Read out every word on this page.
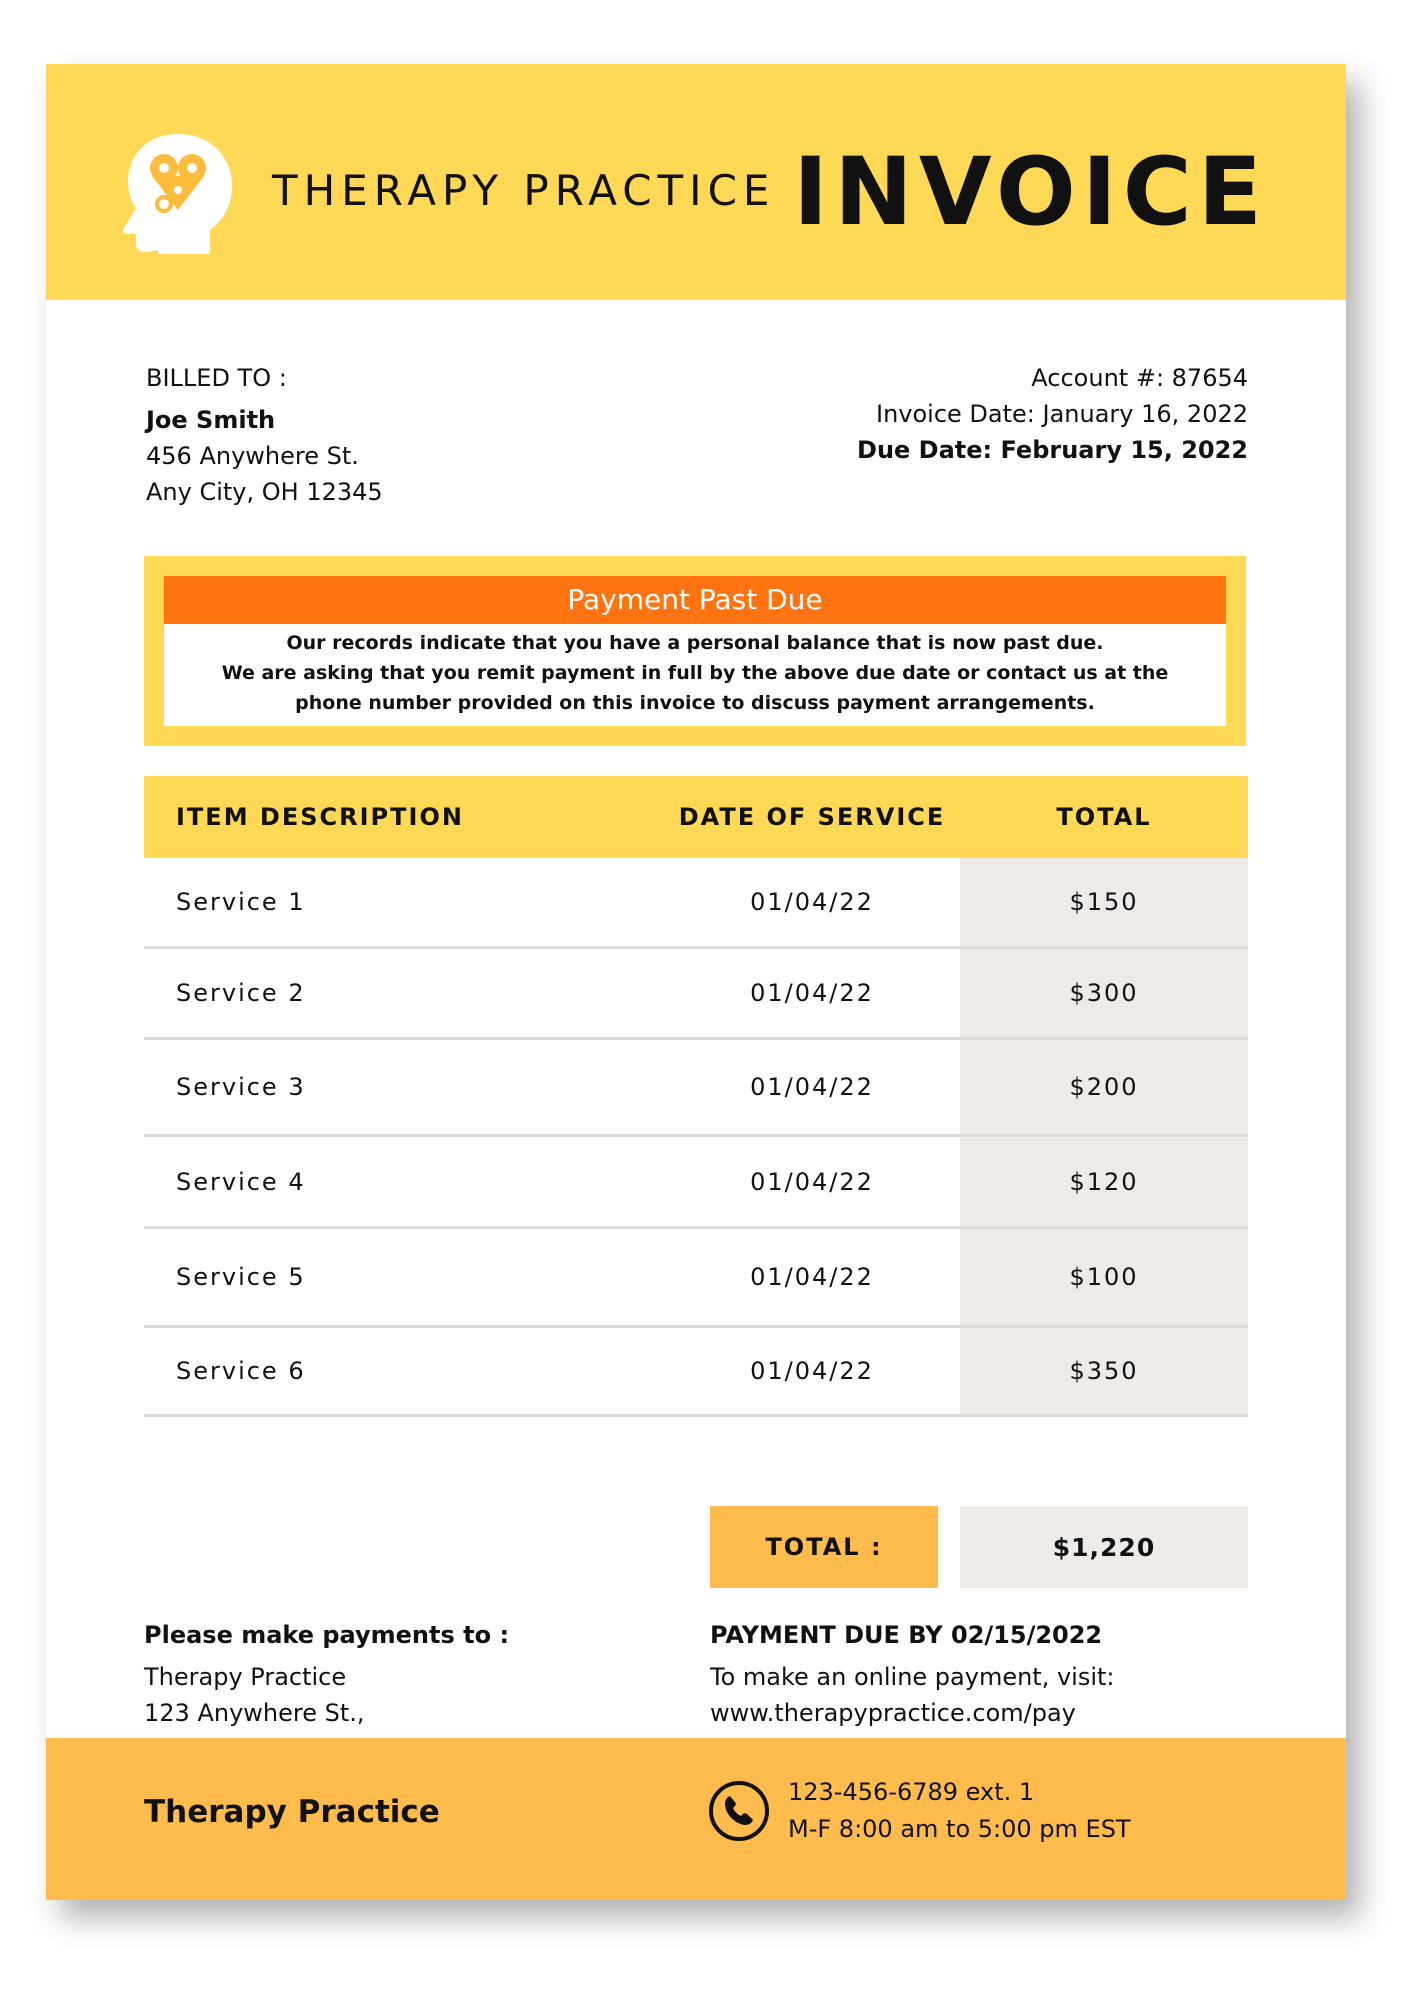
THERAPY PRACTICE INVOICE
BILLED TO :
Joe Smith
456 Anywhere St.
Any City, OH 12345
Account #: 87654
Invoice Date: January 16, 2022
Due Date: February 15, 2022
Payment Past Due
Our records indicate that you have a personal balance that is now past due.
We are asking that you remit payment in full by the above due date or contact us at the
phone number provided on this invoice to discuss payment arrangements.
ITEM DESCRIPTION	DATE OF SERVICE	TOTAL
Service 1	01/04/22	$150
Service 2	01/04/22	$300
Service 3	01/04/22	$200
Service 4	01/04/22	$120
Service 5	01/04/22	$100
Service 6	01/04/22	$350
TOTAL :	$1,220
Please make payments to :
Therapy Practice
123 Anywhere St.,
PAYMENT DUE BY 02/15/2022
To make an online payment, visit:
www.therapypractice.com/pay
Therapy Practice
123-456-6789 ext. 1
M-F 8:00 am to 5:00 pm EST
